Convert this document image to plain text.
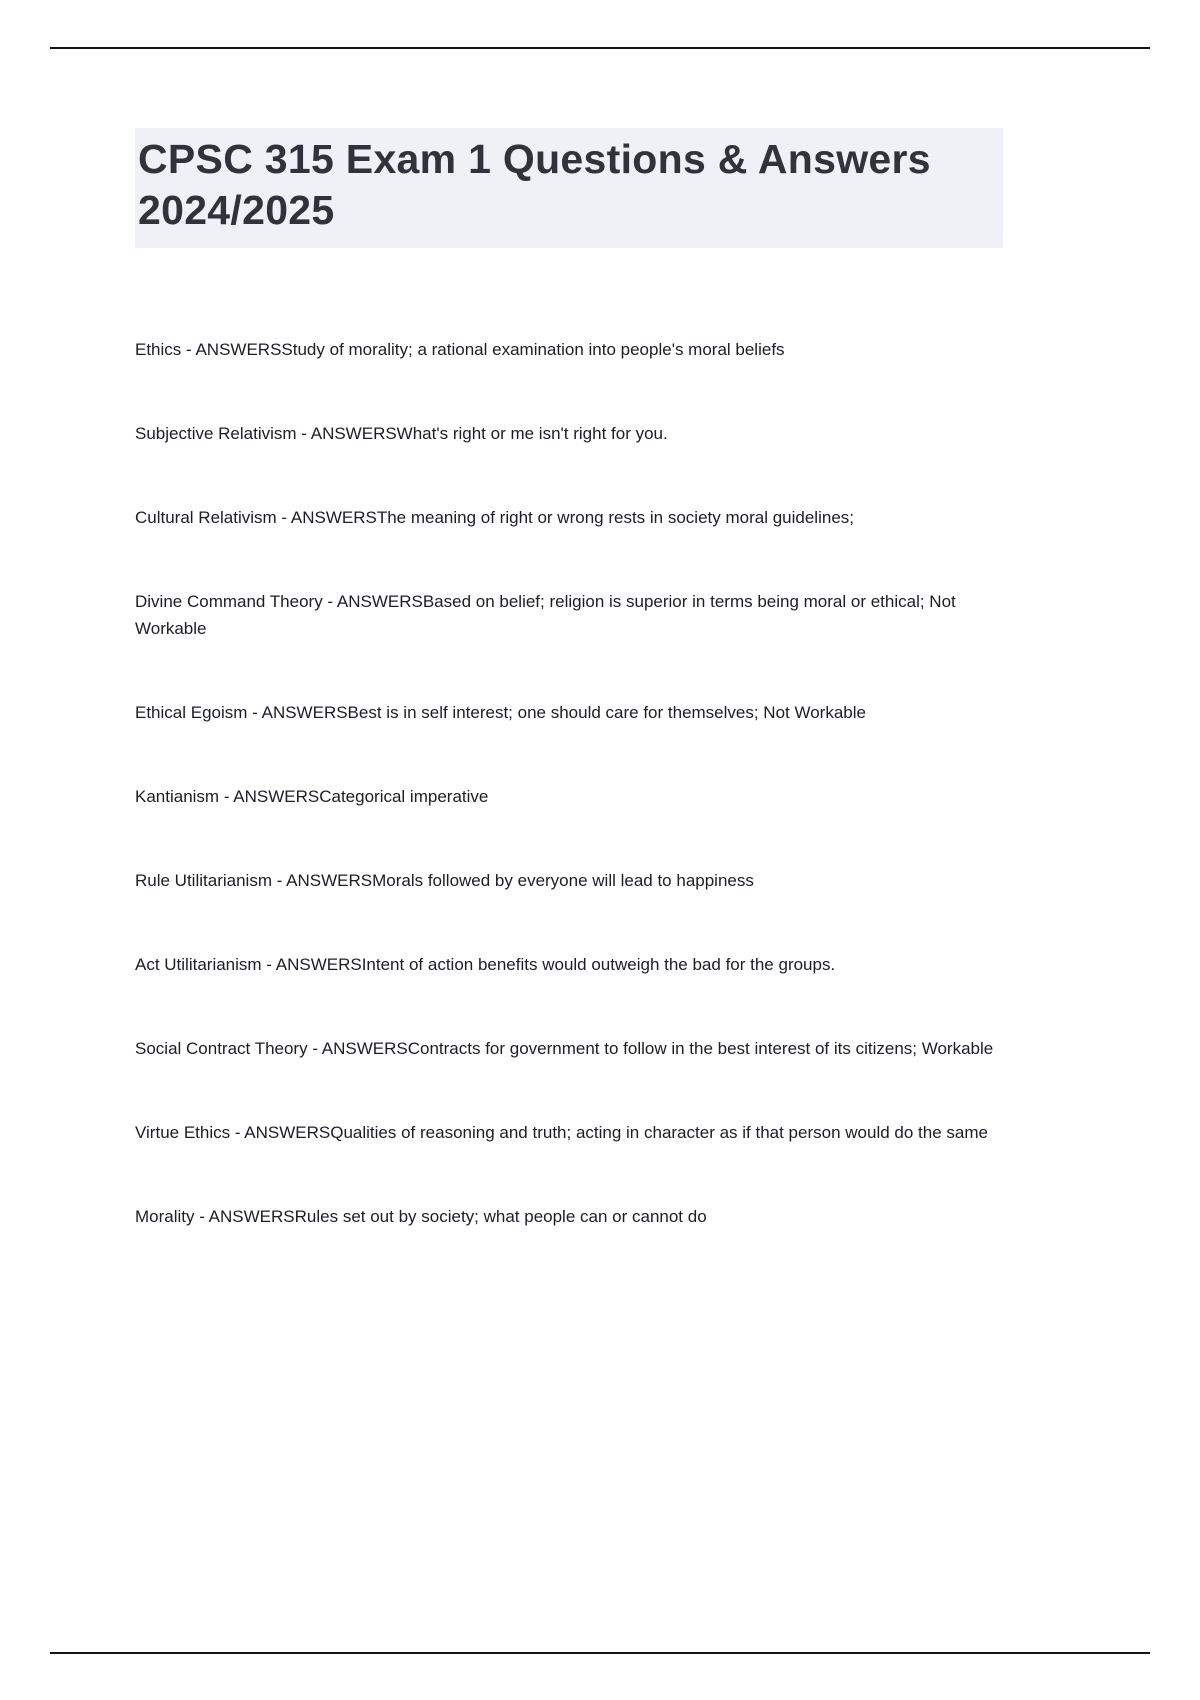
CPSC 315 Exam 1 Questions & Answers 2024/2025

Ethics - ANSWERSStudy of morality; a rational examination into people's moral beliefs

Subjective Relativism - ANSWERSWhat's right or me isn't right for you.

Cultural Relativism - ANSWERSThe meaning of right or wrong rests in society moral guidelines;

Divine Command Theory - ANSWERSBased on belief; religion is superior in terms being moral or ethical; Not Workable

Ethical Egoism - ANSWERSBest is in self interest; one should care for themselves; Not Workable

Kantianism - ANSWERSCategorical imperative

Rule Utilitarianism - ANSWERSMorals followed by everyone will lead to happiness

Act Utilitarianism - ANSWERSIntent of action benefits would outweigh the bad for the groups.

Social Contract Theory - ANSWERSContracts for government to follow in the best interest of its citizens; Workable

Virtue Ethics - ANSWERSQualities of reasoning and truth; acting in character as if that person would do the same

Morality - ANSWERSRules set out by society; what people can or cannot do
